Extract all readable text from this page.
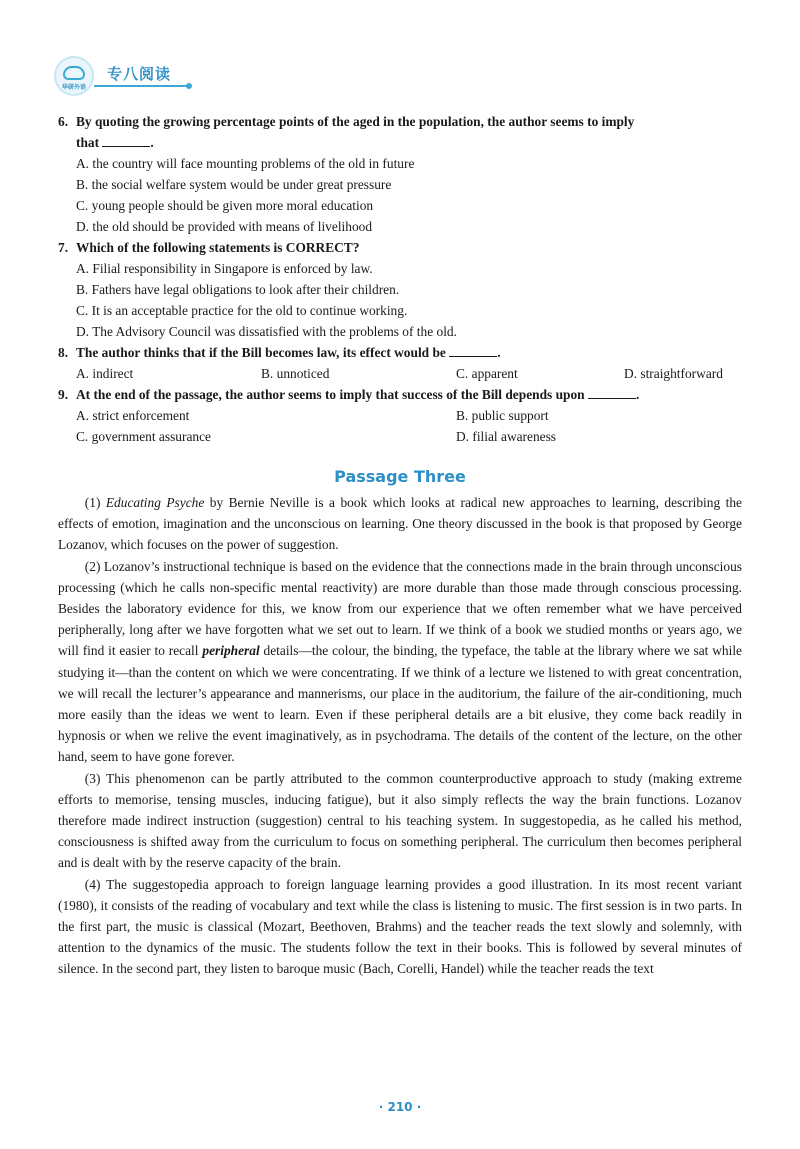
华研外语
专八阅读
6. By quoting the growing percentage points of the aged in the population, the author seems to imply
that	.
A. the country will face mounting problems of the old in future
B. the social welfare system would be under great pressure
C. young people should be given more moral education
D. the old should be provided with means of livelihood
7. Which of the following statements is CORRECT?
A. Filial responsibility in Singapore is enforced by law.
B. Fathers have legal obligations to look after their children.
C. It is an acceptable practice for the old to continue working.
D. The Advisory Council was dissatisfied with the problems of the old.
8. The author thinks that if the Bill becomes law, its effect would be	.
A. indirect	B. unnoticed	C. apparent	D. straightforward
9. At the end of the passage, the author seems to imply that success of the Bill depends upon	.
A. strict enforcement	B. public support
C. government assurance	D. filial awareness
Passage Three

(1) Educating Psyche by Bernie Neville is a book which looks at radical new approaches to learning, describing the effects of emotion, imagination and the unconscious on learning. One theory discussed in the book is that proposed by George Lozanov, which focuses on the power of suggestion.

(2) Lozanov’s instructional technique is based on the evidence that the connections made in the brain through unconscious processing (which he calls non-specific mental reactivity) are more durable than those made through conscious processing. Besides the laboratory evidence for this, we know from our experience that we often remember what we have perceived peripherally, long after we have forgotten what we set out to learn. If we think of a book we studied months or years ago, we will find it easier to recall peripheral details—the colour, the binding, the typeface, the table at the library where we sat while studying it—than the content on which we were concentrating. If we think of a lecture we listened to with great concentration, we will recall the lecturer’s appearance and mannerisms, our place in the auditorium, the failure of the air-conditioning, much more easily than the ideas we went to learn. Even if these peripheral details are a bit elusive, they come back readily in hypnosis or when we relive the event imaginatively, as in psychodrama. The details of the content of the lecture, on the other hand, seem to have gone forever.

(3) This phenomenon can be partly attributed to the common counterproductive approach to study (making extreme efforts to memorise, tensing muscles, inducing fatigue), but it also simply reflects the way the brain functions. Lozanov therefore made indirect instruction (suggestion) central to his teaching system. In suggestopedia, as he called his method, consciousness is shifted away from the curriculum to focus on something peripheral. The curriculum then becomes peripheral and is dealt with by the reserve capacity of the brain.

(4) The suggestopedia approach to foreign language learning provides a good illustration. In its most recent variant (1980), it consists of the reading of vocabulary and text while the class is listening to music. The first session is in two parts. In the first part, the music is classical (Mozart, Beethoven, Brahms) and the teacher reads the text slowly and solemnly, with attention to the dynamics of the music. The students follow the text in their books. This is followed by several minutes of silence. In the second part, they listen to baroque music (Bach, Corelli, Handel) while the teacher reads the text

· 210 ·
